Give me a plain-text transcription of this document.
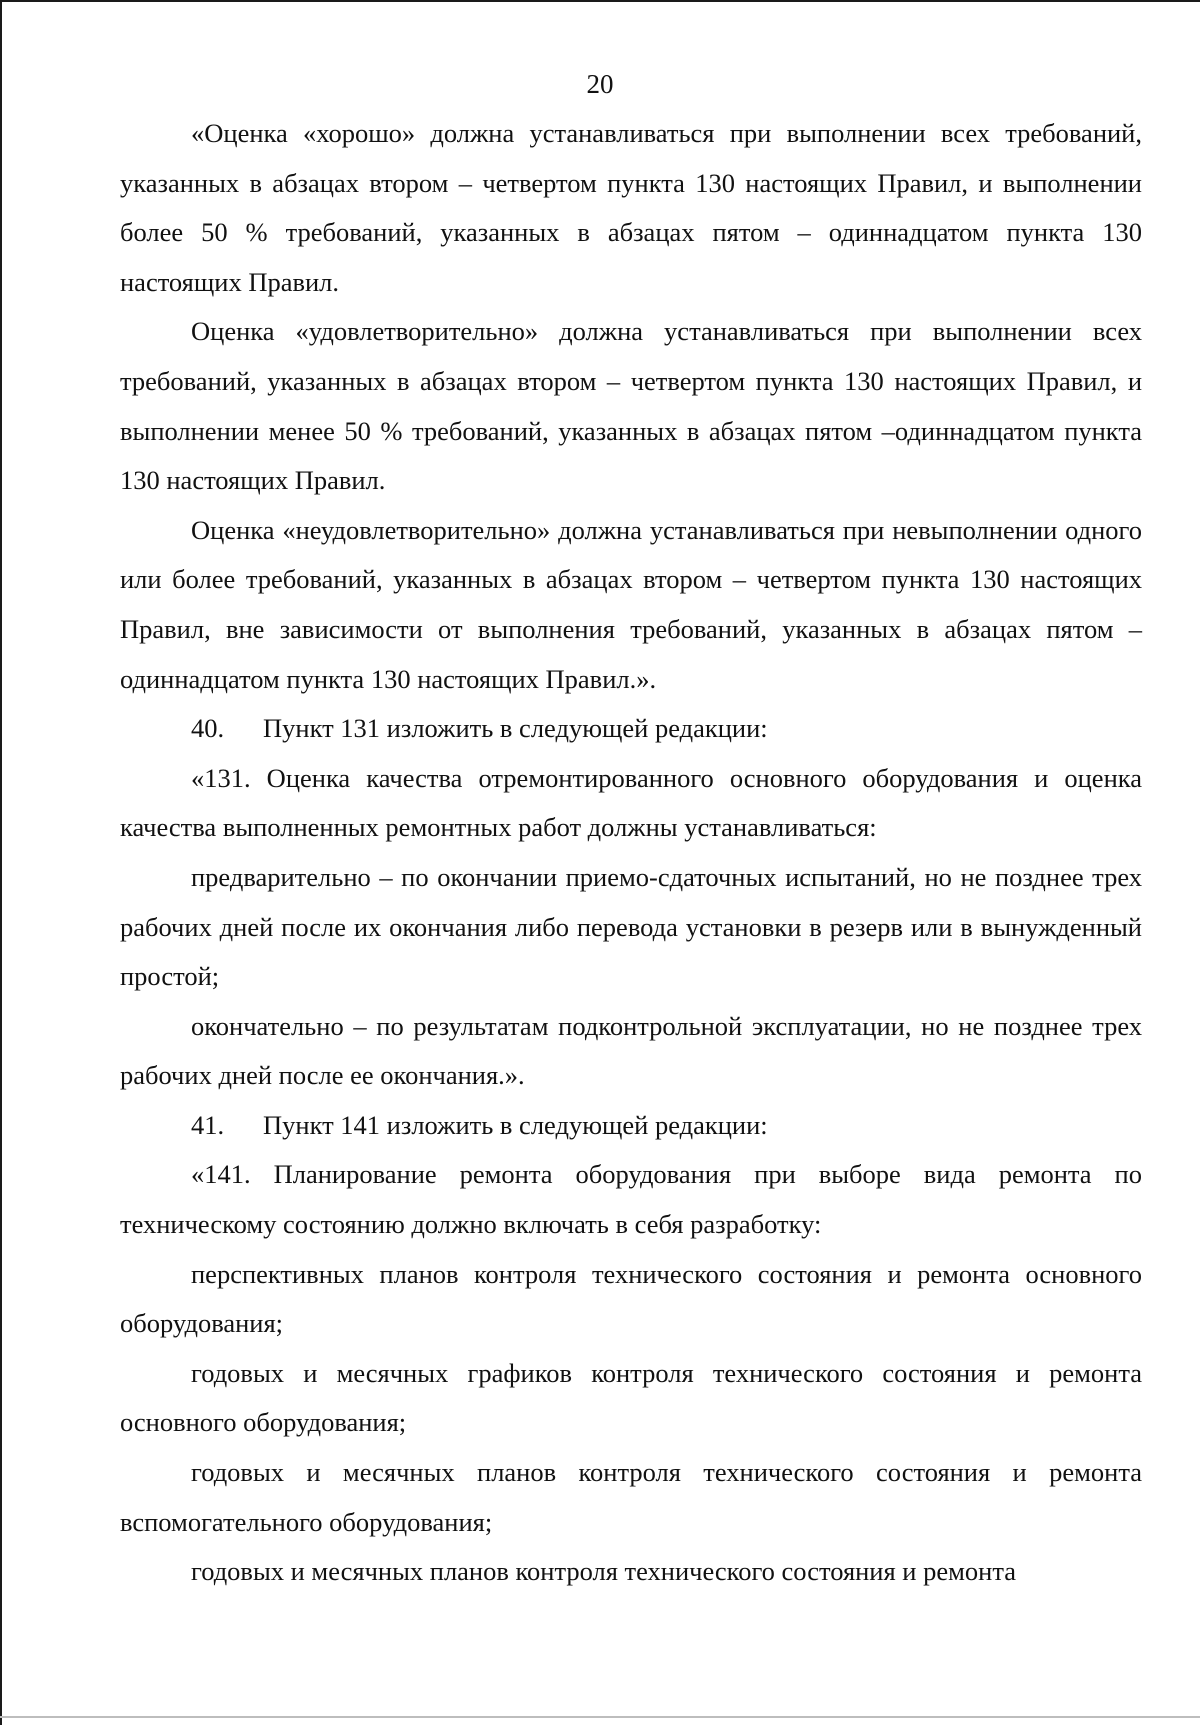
20

«Оценка «хорошо» должна устанавливаться при выполнении всех требований, указанных в абзацах втором – четвертом пункта 130 настоящих Правил, и выполнении более 50 % требований, указанных в абзацах пятом – одиннадцатом пункта 130 настоящих Правил.

Оценка «удовлетворительно» должна устанавливаться при выполнении всех требований, указанных в абзацах втором – четвертом пункта 130 настоящих Правил, и выполнении менее 50 % требований, указанных в абзацах пятом –одиннадцатом пункта 130 настоящих Правил.

Оценка «неудовлетворительно» должна устанавливаться при невыполнении одного или более требований, указанных в абзацах втором – четвертом пункта 130 настоящих Правил, вне зависимости от выполнения требований, указанных в абзацах пятом – одиннадцатом пункта 130 настоящих Правил.».

40. Пункт 131 изложить в следующей редакции:

«131. Оценка качества отремонтированного основного оборудования и оценка качества выполненных ремонтных работ должны устанавливаться:

предварительно – по окончании приемо-сдаточных испытаний, но не позднее трех рабочих дней после их окончания либо перевода установки в резерв или в вынужденный простой;

окончательно – по результатам подконтрольной эксплуатации, но не позднее трех рабочих дней после ее окончания.».

41. Пункт 141 изложить в следующей редакции:

«141. Планирование ремонта оборудования при выборе вида ремонта по техническому состоянию должно включать в себя разработку:

перспективных планов контроля технического состояния и ремонта основного оборудования;

годовых и месячных графиков контроля технического состояния и ремонта основного оборудования;

годовых и месячных планов контроля технического состояния и ремонта вспомогательного оборудования;

годовых и месячных планов контроля технического состояния и ремонта
